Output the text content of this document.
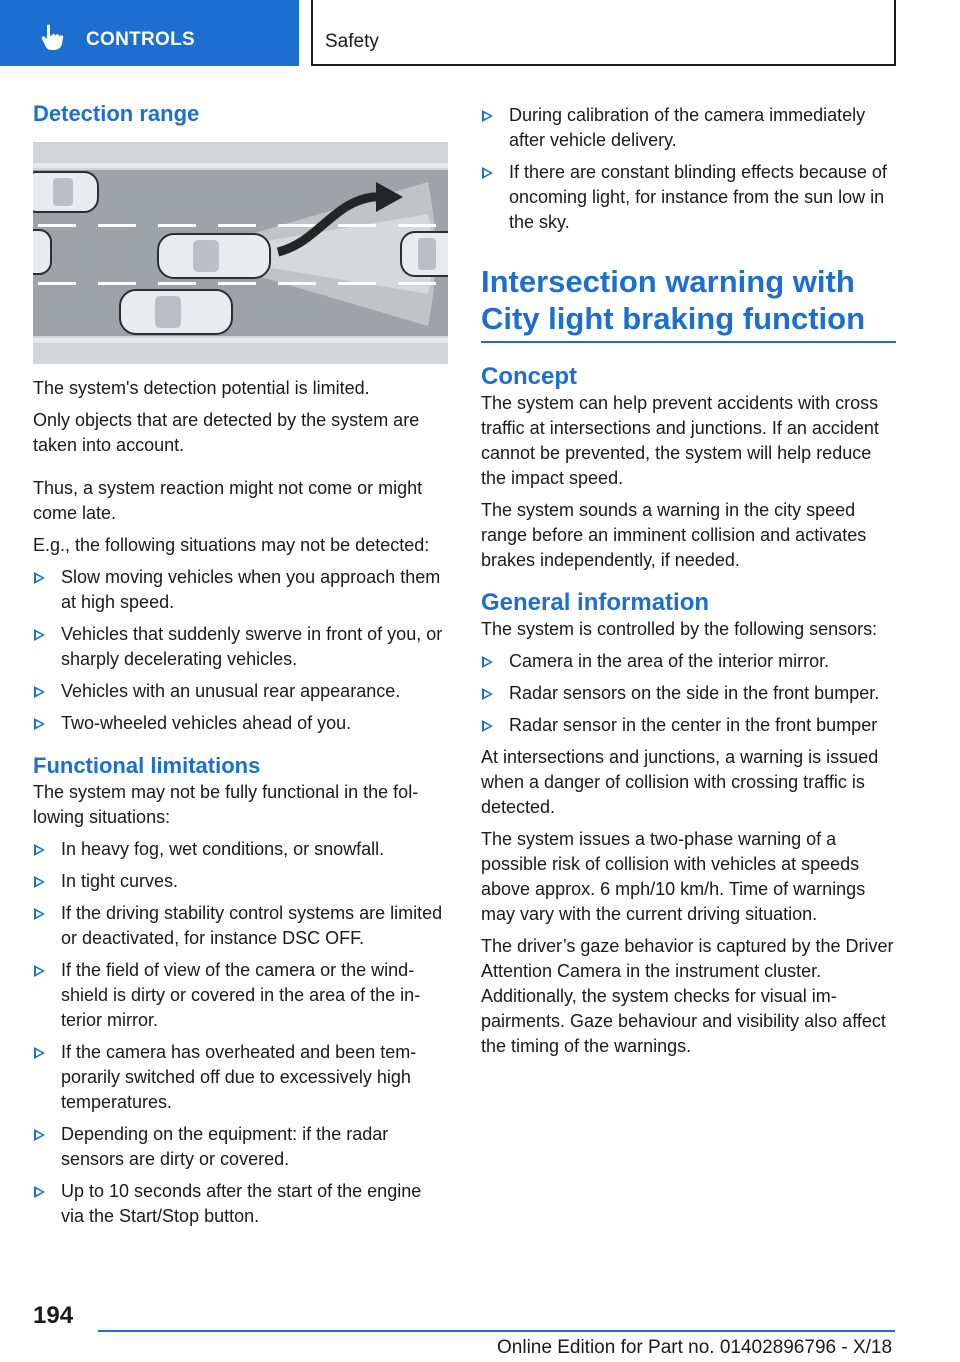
CONTROLS	Safety
Detection range

The system's detection potential is limited.

Only objects that are detected by the system are taken into account.

Thus, a system reaction might not come or might come late.

E.g., the following situations may not be detected:

Slow moving vehicles when you approach them at high speed.
Vehicles that suddenly swerve in front of you, or sharply decelerating vehicles.
Vehicles with an unusual rear appearance.
Two-wheeled vehicles ahead of you.
Functional limitations

The system may not be fully functional in the following situations:

In heavy fog, wet conditions, or snowfall.
In tight curves.
If the driving stability control systems are limited or deactivated, for instance DSC OFF.
If the field of view of the camera or the windshield is dirty or covered in the area of the interior mirror.
If the camera has overheated and been temporarily switched off due to excessively high temperatures.
Depending on the equipment: if the radar sensors are dirty or covered.
Up to 10 seconds after the start of the engine via the Start/Stop button.
During calibration of the camera immediately after vehicle delivery.
If there are constant blinding effects because of oncoming light, for instance from the sun low in the sky.
Intersection warning with City light braking function
Concept

The system can help prevent accidents with cross traffic at intersections and junctions. If an accident cannot be prevented, the system will help reduce the impact speed.

The system sounds a warning in the city speed range before an imminent collision and activates brakes independently, if needed.

General information

The system is controlled by the following sensors:

Camera in the area of the interior mirror.
Radar sensors on the side in the front bumper.
Radar sensor in the center in the front bumper

At intersections and junctions, a warning is issued when a danger of collision with crossing traffic is detected.

The system issues a two-phase warning of a possible risk of collision with vehicles at speeds above approx. 6 mph/10 km/h. Time of warnings may vary with the current driving situation.

The driver’s gaze behavior is captured by the Driver Attention Camera in the instrument cluster. Additionally, the system checks for visual impairments. Gaze behaviour and visibility also affect the timing of the warnings.

194
Online Edition for Part no. 01402896796 - X/18
